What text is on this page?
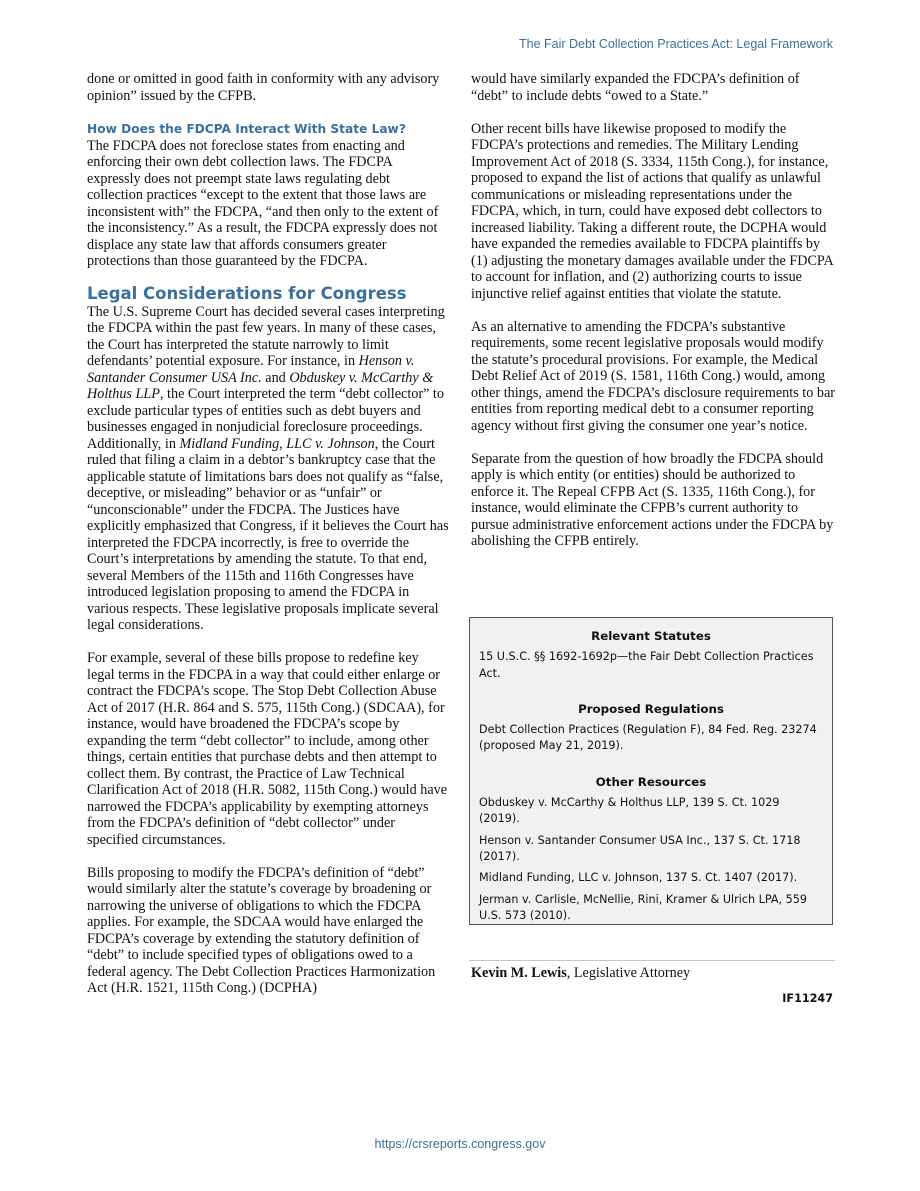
The Fair Debt Collection Practices Act: Legal Framework

done or omitted in good faith in conformity with any advisory opinion” issued by the CFPB.

How Does the FDCPA Interact With State Law?

The FDCPA does not foreclose states from enacting and enforcing their own debt collection laws. The FDCPA expressly does not preempt state laws regulating debt collection practices “except to the extent that those laws are inconsistent with” the FDCPA, “and then only to the extent of the inconsistency.” As a result, the FDCPA expressly does not displace any state law that affords consumers greater protections than those guaranteed by the FDCPA.

Legal Considerations for Congress

The U.S. Supreme Court has decided several cases interpreting the FDCPA within the past few years. In many of these cases, the Court has interpreted the statute narrowly to limit defendants’ potential exposure. For instance, in Henson v. Santander Consumer USA Inc. and Obduskey v. McCarthy & Holthus LLP, the Court interpreted the term “debt collector” to exclude particular types of entities such as debt buyers and businesses engaged in nonjudicial foreclosure proceedings. Additionally, in Midland Funding, LLC v. Johnson, the Court ruled that filing a claim in a debtor’s bankruptcy case that the applicable statute of limitations bars does not qualify as “false, deceptive, or misleading” behavior or as “unfair” or “unconscionable” under the FDCPA. The Justices have explicitly emphasized that Congress, if it believes the Court has interpreted the FDCPA incorrectly, is free to override the Court’s interpretations by amending the statute. To that end, several Members of the 115th and 116th Congresses have introduced legislation proposing to amend the FDCPA in various respects. These legislative proposals implicate several legal considerations.

For example, several of these bills propose to redefine key legal terms in the FDCPA in a way that could either enlarge or contract the FDCPA’s scope. The Stop Debt Collection Abuse Act of 2017 (H.R. 864 and S. 575, 115th Cong.) (SDCAA), for instance, would have broadened the FDCPA’s scope by expanding the term “debt collector” to include, among other things, certain entities that purchase debts and then attempt to collect them. By contrast, the Practice of Law Technical Clarification Act of 2018 (H.R. 5082, 115th Cong.) would have narrowed the FDCPA’s applicability by exempting attorneys from the FDCPA’s definition of “debt collector” under specified circumstances.

Bills proposing to modify the FDCPA’s definition of “debt” would similarly alter the statute’s coverage by broadening or narrowing the universe of obligations to which the FDCPA applies. For example, the SDCAA would have enlarged the FDCPA’s coverage by extending the statutory definition of “debt” to include specified types of obligations owed to a federal agency. The Debt Collection Practices Harmonization Act (H.R. 1521, 115th Cong.) (DCPHA)

would have similarly expanded the FDCPA’s definition of “debt” to include debts “owed to a State.”

Other recent bills have likewise proposed to modify the FDCPA’s protections and remedies. The Military Lending Improvement Act of 2018 (S. 3334, 115th Cong.), for instance, proposed to expand the list of actions that qualify as unlawful communications or misleading representations under the FDCPA, which, in turn, could have exposed debt collectors to increased liability. Taking a different route, the DCPHA would have expanded the remedies available to FDCPA plaintiffs by (1) adjusting the monetary damages available under the FDCPA to account for inflation, and (2) authorizing courts to issue injunctive relief against entities that violate the statute.

As an alternative to amending the FDCPA’s substantive requirements, some recent legislative proposals would modify the statute’s procedural provisions. For example, the Medical Debt Relief Act of 2019 (S. 1581, 116th Cong.) would, among other things, amend the FDCPA’s disclosure requirements to bar entities from reporting medical debt to a consumer reporting agency without first giving the consumer one year’s notice.

Separate from the question of how broadly the FDCPA should apply is which entity (or entities) should be authorized to enforce it. The Repeal CFPB Act (S. 1335, 116th Cong.), for instance, would eliminate the CFPB’s current authority to pursue administrative enforcement actions under the FDCPA by abolishing the CFPB entirely.

Relevant Statutes
15 U.S.C. §§ 1692-1692p—the Fair Debt Collection Practices Act.
Proposed Regulations
Debt Collection Practices (Regulation F), 84 Fed. Reg. 23274 (proposed May 21, 2019).
Other Resources
Obduskey v. McCarthy & Holthus LLP, 139 S. Ct. 1029 (2019).
Henson v. Santander Consumer USA Inc., 137 S. Ct. 1718 (2017).
Midland Funding, LLC v. Johnson, 137 S. Ct. 1407 (2017).
Jerman v. Carlisle, McNellie, Rini, Kramer & Ulrich LPA, 559 U.S. 573 (2010).
Kevin M. Lewis, Legislative Attorney
IF11247
https://crsreports.congress.gov
